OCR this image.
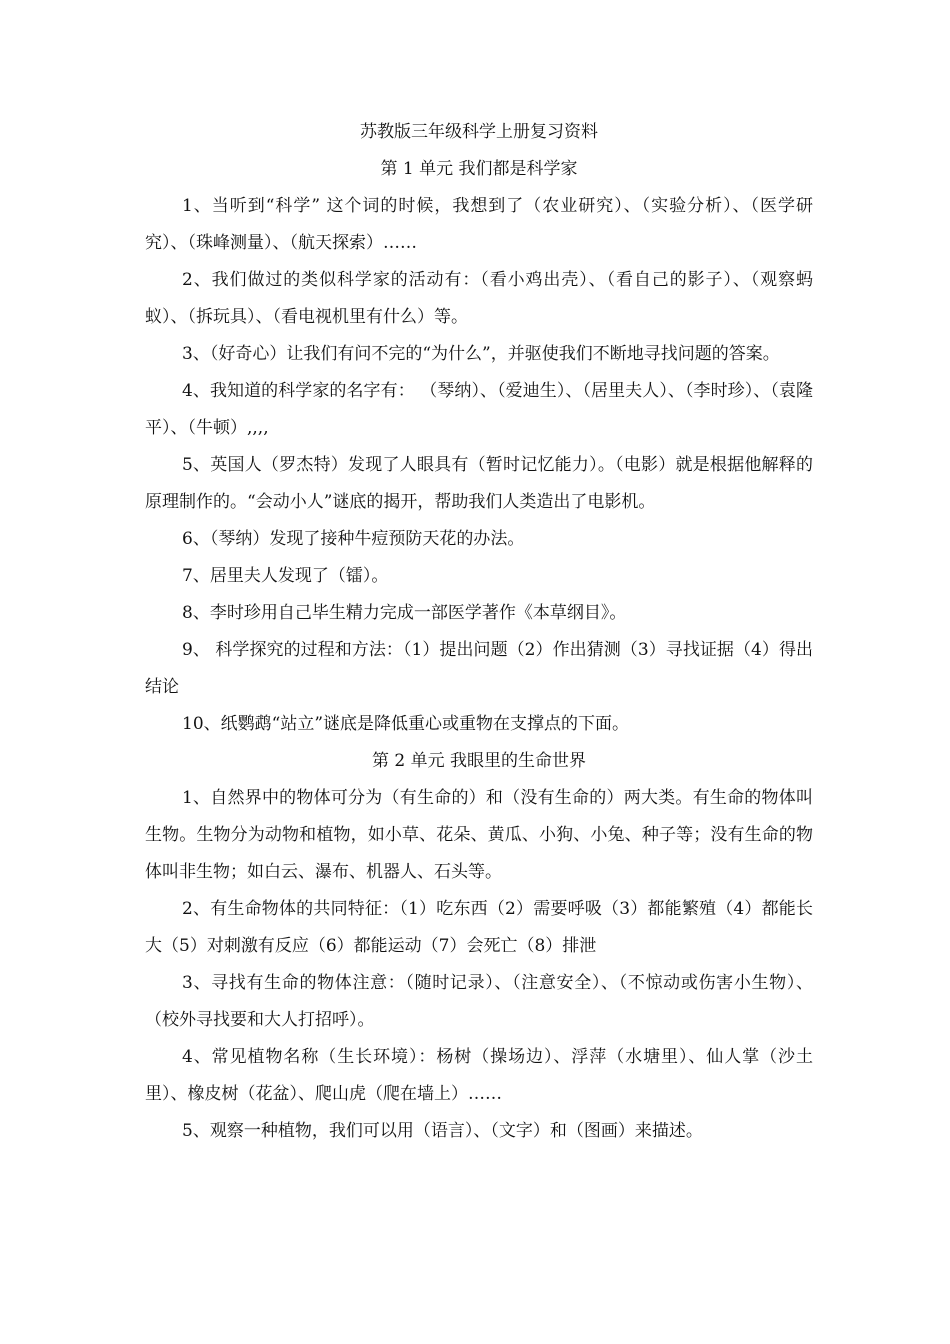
苏教版三年级科学上册复习资料
第 1 单元 我们都是科学家

1、当听到“科学” 这个词的时候，我想到了（农业研究）、（实验分析）、（医学研究）、（珠峰测量）、（航天探索）……

2、我们做过的类似科学家的活动有：（看小鸡出壳）、（看自己的影子）、（观察蚂蚁）、（拆玩具）、（看电视机里有什么）等。

3、（好奇心）让我们有问不完的“为什么”，并驱使我们不断地寻找问题的答案。

4、我知道的科学家的名字有： （琴纳）、（爱迪生）、（居里夫人）、（李时珍）、（袁隆平）、（牛顿）,,,,

5、英国人（罗杰特）发现了人眼具有（暂时记忆能力）。（电影）就是根据他解释的原理制作的。“会动小人”谜底的揭开，帮助我们人类造出了电影机。

6、（琴纳）发现了接种牛痘预防天花的办法。

7、居里夫人发现了（镭）。

8、李时珍用自己毕生精力完成一部医学著作《本草纲目》。

9、 科学探究的过程和方法：（1）提出问题（2）作出猜测（3）寻找证据（4）得出结论

10、纸鹦鹉“站立”谜底是降低重心或重物在支撑点的下面。

第 2 单元 我眼里的生命世界

1、自然界中的物体可分为（有生命的）和（没有生命的）两大类。有生命的物体叫生物。生物分为动物和植物，如小草、花朵、黄瓜、小狗、小兔、种子等；没有生命的物体叫非生物；如白云、瀑布、机器人、石头等。

2、有生命物体的共同特征：（1）吃东西（2）需要呼吸（3）都能繁殖（4）都能长大（5）对刺激有反应（6）都能运动（7）会死亡（8）排泄

3、寻找有生命的物体注意：（随时记录）、（注意安全）、（不惊动或伤害小生物）、（校外寻找要和大人打招呼）。

4、常见植物名称（生长环境）：杨树（操场边）、浮萍（水塘里）、仙人掌（沙土里）、橡皮树（花盆）、爬山虎（爬在墙上）……

5、观察一种植物，我们可以用（语言）、（文字）和（图画）来描述。
